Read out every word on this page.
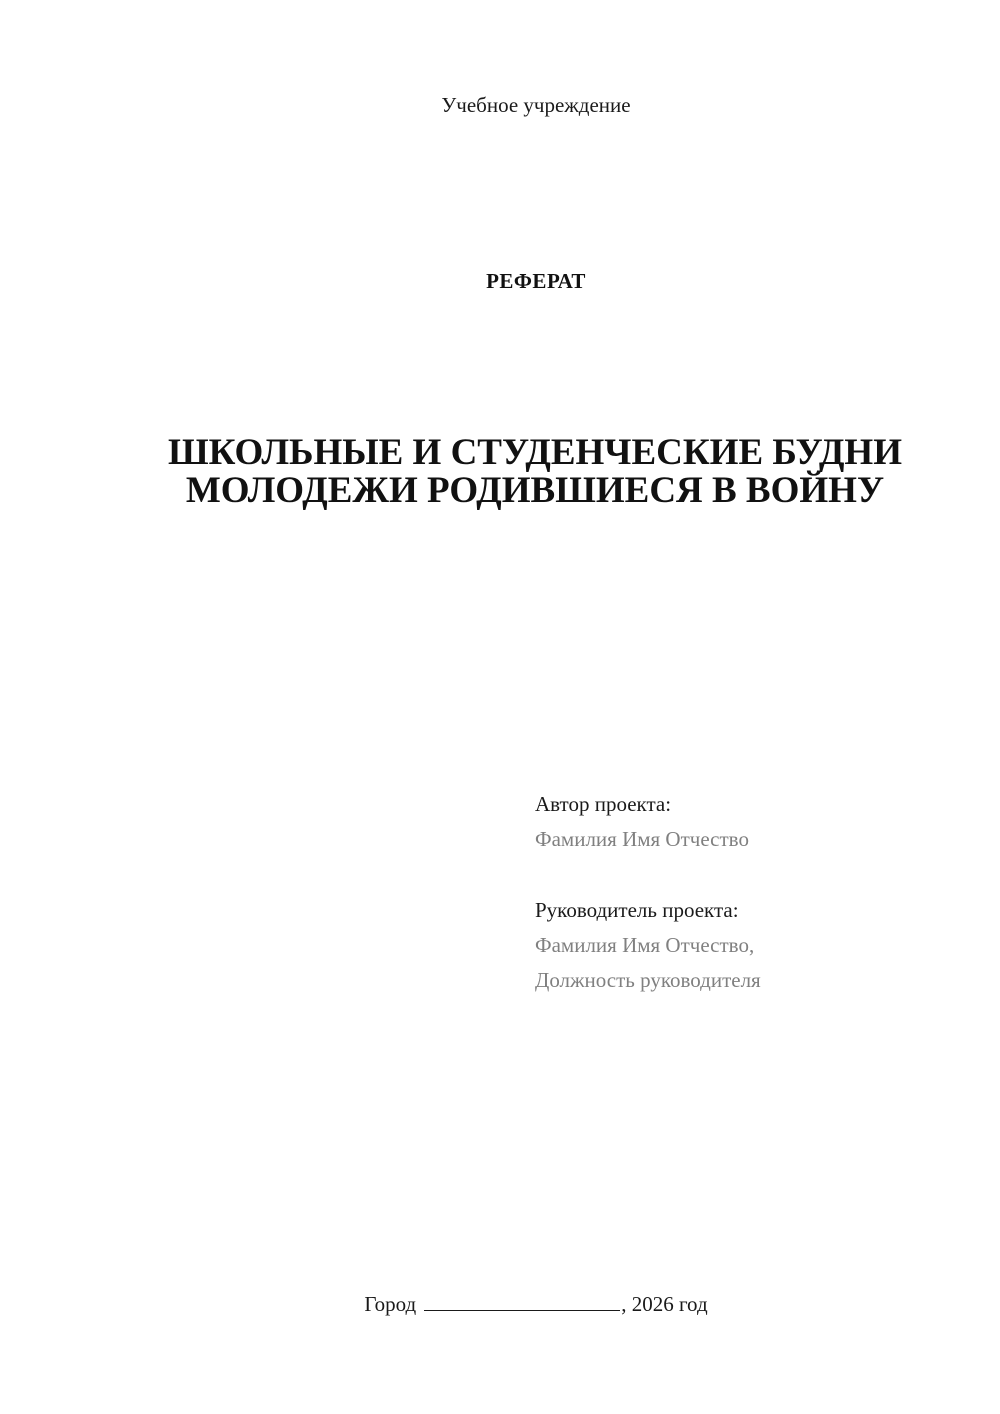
Учебное учреждение
РЕФЕРАТ
ШКОЛЬНЫЕ И СТУДЕНЧЕСКИЕ БУДНИ
МОЛОДЕЖИ РОДИВШИЕСЯ В ВОЙНУ
Автор проекта:
Фамилия Имя Отчество
Руководитель проекта:
Фамилия Имя Отчество,
Должность руководителя
Город	, 2026 год
